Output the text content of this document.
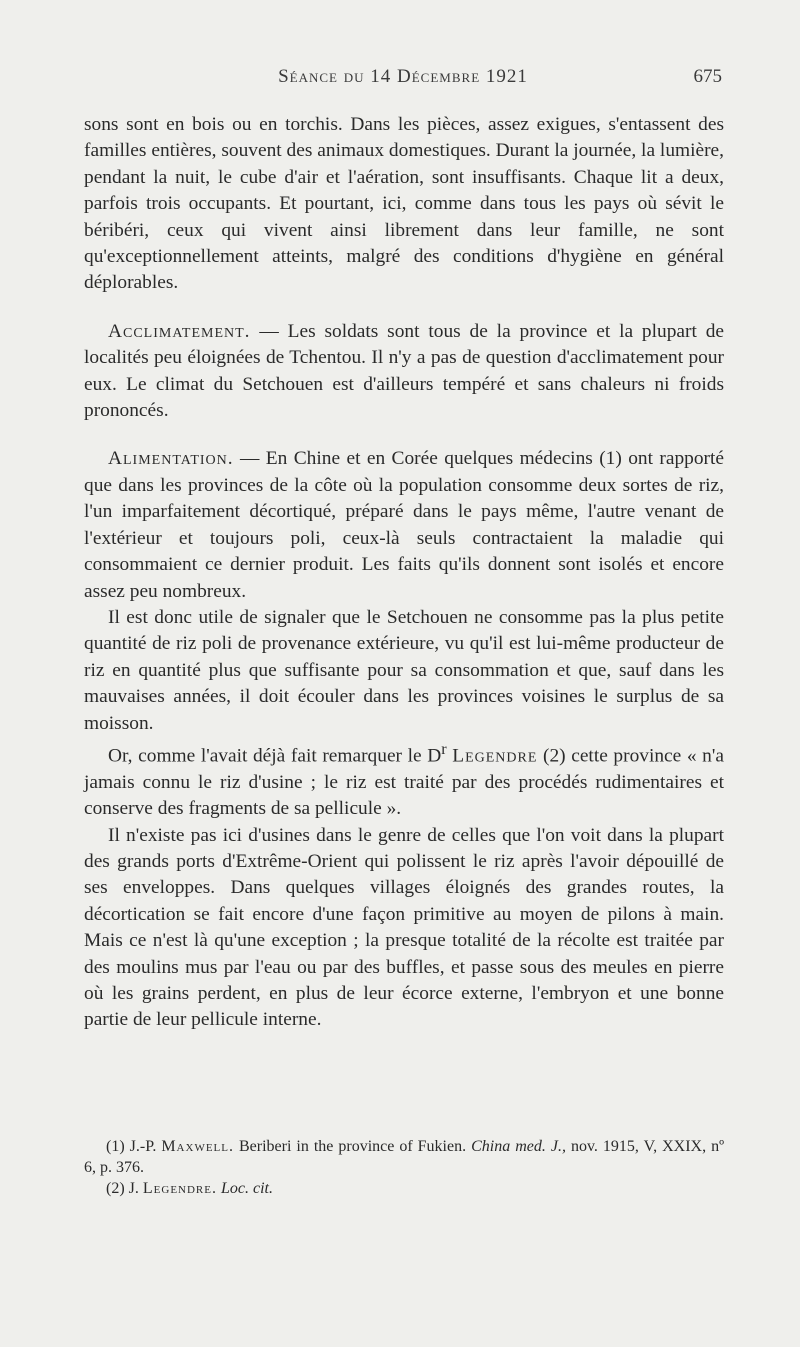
Séance du 14 Décembre 1921	675

sons sont en bois ou en torchis. Dans les pièces, assez exigues, s'entassent des familles entières, souvent des animaux domestiques. Durant la journée, la lumière, pendant la nuit, le cube d'air et l'aération, sont insuffisants. Chaque lit a deux, parfois trois occupants. Et pourtant, ici, comme dans tous les pays où sévit le béribéri, ceux qui vivent ainsi librement dans leur famille, ne sont qu'exceptionnellement atteints, malgré des conditions d'hygiène en général déplorables.

Acclimatement. — Les soldats sont tous de la province et la plupart de localités peu éloignées de Tchentou. Il n'y a pas de question d'acclimatement pour eux. Le climat du Setchouen est d'ailleurs tempéré et sans chaleurs ni froids prononcés.

Alimentation. — En Chine et en Corée quelques médecins (1) ont rapporté que dans les provinces de la côte où la population consomme deux sortes de riz, l'un imparfaitement décortiqué, préparé dans le pays même, l'autre venant de l'extérieur et toujours poli, ceux-là seuls contractaient la maladie qui consommaient ce dernier produit. Les faits qu'ils donnent sont isolés et encore assez peu nombreux.

Il est donc utile de signaler que le Setchouen ne consomme pas la plus petite quantité de riz poli de provenance extérieure, vu qu'il est lui-même producteur de riz en quantité plus que suffisante pour sa consommation et que, sauf dans les mauvaises années, il doit écouler dans les provinces voisines le surplus de sa moisson.

Or, comme l'avait déjà fait remarquer le $D^r$ Legendre (2) cette province « n'a jamais connu le riz d'usine ; le riz est traité par des procédés rudimentaires et conserve des fragments de sa pellicule ».

Il n'existe pas ici d'usines dans le genre de celles que l'on voit dans la plupart des grands ports d'Extrême-Orient qui polissent le riz après l'avoir dépouillé de ses enveloppes. Dans quelques villages éloignés des grandes routes, la décortication se fait encore d'une façon primitive au moyen de pilons à main. Mais ce n'est là qu'une exception ; la presque totalité de la récolte est traitée par des moulins mus par l'eau ou par des buffles, et passe sous des meules en pierre où les grains perdent, en plus de leur écorce externe, l'embryon et une bonne partie de leur pellicule interne.

(1) J.-P. Maxwell. Beriberi in the province of Fukien. China med. J., nov. 1915, V, XXIX, nº 6, p. 376.

(2) J. Legendre. Loc. cit.
